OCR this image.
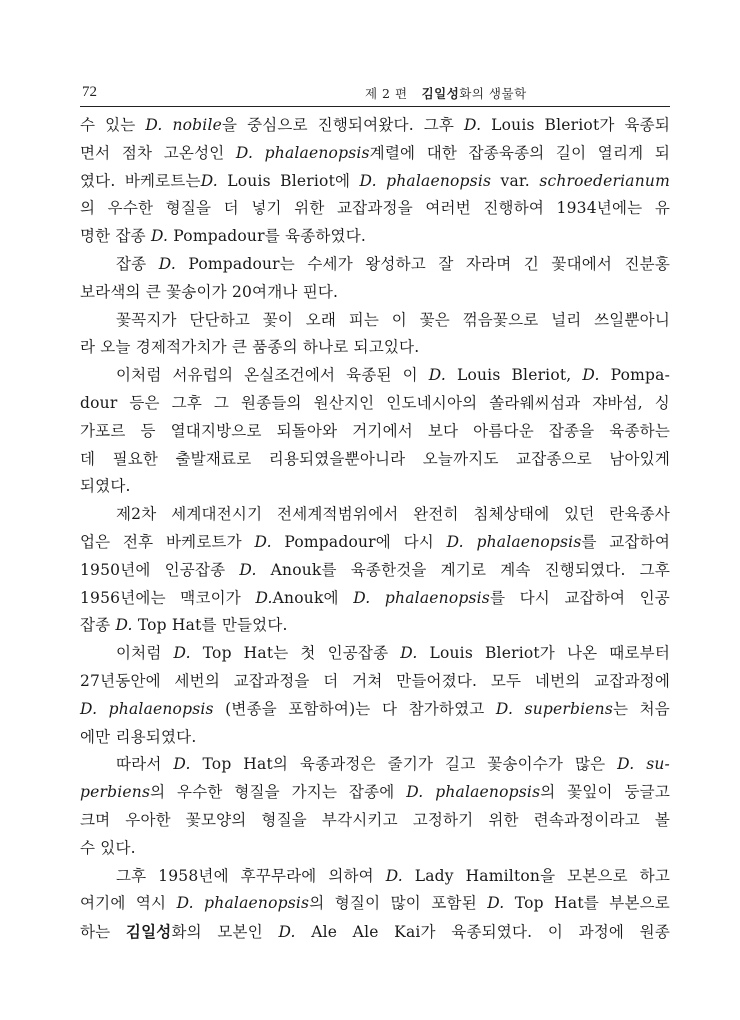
72	제 2 편 김일성화의 생물학
수 있는 D. nobile을 중심으로 진행되여왔다. 그후 D. Louis Bleriot가 육종되
면서 점차 고온성인 D. phalaenopsis계렬에 대한 잡종육종의 길이 열리게 되
였다. 바케로트는D. Louis Bleriot에 D. phalaenopsis var. schroederianum
의 우수한 형질을 더 넣기 위한 교잡과정을 여러번 진행하여 1934년에는 유
명한 잡종 D. Pompadour를 육종하였다.
잡종 D. Pompadour는 수세가 왕성하고 잘 자라며 긴 꽃대에서 진분홍
보라색의 큰 꽃송이가 20여개나 핀다.
꽃꼭지가 단단하고 꽃이 오래 피는 이 꽃은 꺾음꽃으로 널리 쓰일뿐아니
라 오늘 경제적가치가 큰 품종의 하나로 되고있다.
이처럼 서유럽의 온실조건에서 육종된 이 D. Louis Bleriot, D. Pompa-
dour 등은 그후 그 원종들의 원산지인 인도네시아의 쏠라웨씨섬과 쟈바섬, 싱
가포르 등 열대지방으로 되돌아와 거기에서 보다 아름다운 잡종을 육종하는
데 필요한 출발재료로 리용되였을뿐아니라 오늘까지도 교잡종으로 남아있게
되였다.
제2차 세계대전시기 전세계적범위에서 완전히 침체상태에 있던 란육종사
업은 전후 바케로트가 D. Pompadour에 다시 D. phalaenopsis를 교잡하여
1950년에 인공잡종 D. Anouk를 육종한것을 계기로 계속 진행되였다. 그후
1956년에는 맥코이가 D.Anouk에 D. phalaenopsis를 다시 교잡하여 인공
잡종 D. Top Hat를 만들었다.
이처럼 D. Top Hat는 첫 인공잡종 D. Louis Bleriot가 나온 때로부터
27년동안에 세번의 교잡과정을 더 거쳐 만들어졌다. 모두 네번의 교잡과정에
D. phalaenopsis (변종을 포함하여)는 다 참가하였고 D. superbiens는 처음
에만 리용되였다.
따라서 D. Top Hat의 육종과정은 줄기가 길고 꽃송이수가 많은 D. su-
perbiens의 우수한 형질을 가지는 잡종에 D. phalaenopsis의 꽃잎이 둥글고
크며 우아한 꽃모양의 형질을 부각시키고 고정하기 위한 련속과정이라고 볼
수 있다.
그후 1958년에 후꾸무라에 의하여 D. Lady Hamilton을 모본으로 하고
여기에 역시 D. phalaenopsis의 형질이 많이 포함된 D. Top Hat를 부본으로
하는 김일성화의 모본인 D. Ale Ale Kai가 육종되였다. 이 과정에 원종
